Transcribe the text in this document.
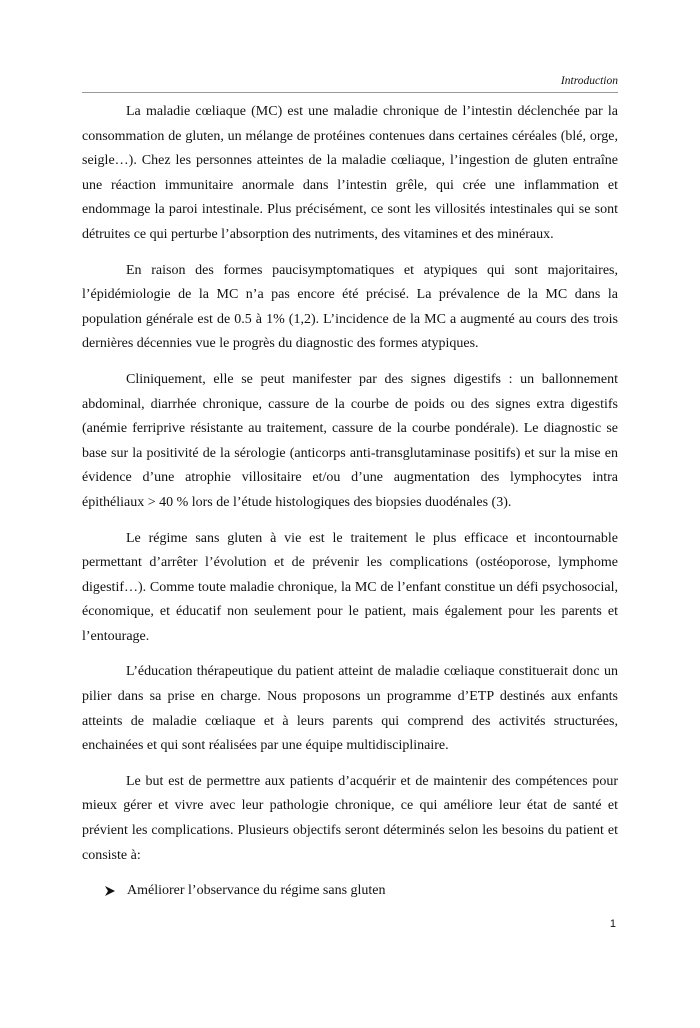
Introduction

La maladie cœliaque (MC) est une maladie chronique de l’intestin déclenchée par la consommation de gluten, un mélange de protéines contenues dans certaines céréales (blé, orge, seigle…). Chez les personnes atteintes de la maladie cœliaque, l’ingestion de gluten entraîne une réaction immunitaire anormale dans l’intestin grêle, qui crée une inflammation et endommage la paroi intestinale. Plus précisément, ce sont les villosités intestinales qui se sont détruites ce qui perturbe l’absorption des nutriments, des vitamines et des minéraux.

En raison des formes paucisymptomatiques et atypiques qui sont majoritaires, l’épidémiologie de la MC n’a pas encore été précisé. La prévalence de la MC dans la population générale est de 0.5 à 1% (1,2). L’incidence de la MC a augmenté au cours des trois dernières décennies vue le progrès du diagnostic des formes atypiques.

Cliniquement, elle se peut manifester par des signes digestifs : un ballonnement abdominal, diarrhée chronique, cassure de la courbe de poids ou des signes extra digestifs (anémie ferriprive résistante au traitement, cassure de la courbe pondérale). Le diagnostic se base sur la positivité de la sérologie (anticorps anti-transglutaminase positifs) et sur la mise en évidence d’une atrophie villositaire et/ou d’une augmentation des lymphocytes intra épithéliaux > 40 % lors de l’étude histologiques des biopsies duodénales (3).

Le régime sans gluten à vie est le traitement le plus efficace et incontournable permettant d’arrêter l’évolution et de prévenir les complications (ostéoporose, lymphome digestif…). Comme toute maladie chronique, la MC de l’enfant constitue un défi psychosocial, économique, et éducatif non seulement pour le patient, mais également pour les parents et l’entourage.

L’éducation thérapeutique du patient atteint de maladie cœliaque constituerait donc un pilier dans sa prise en charge. Nous proposons un programme d’ETP destinés aux enfants atteints de maladie cœliaque et à leurs parents qui comprend des activités structurées, enchainées et qui sont réalisées par une équipe multidisciplinaire.

Le but est de permettre aux patients d’acquérir et de maintenir des compétences pour mieux gérer et vivre avec leur pathologie chronique, ce qui améliore leur état de santé et prévient les complications. Plusieurs objectifs seront déterminés selon les besoins du patient et consiste à:

Améliorer l’observance du régime sans gluten
1
